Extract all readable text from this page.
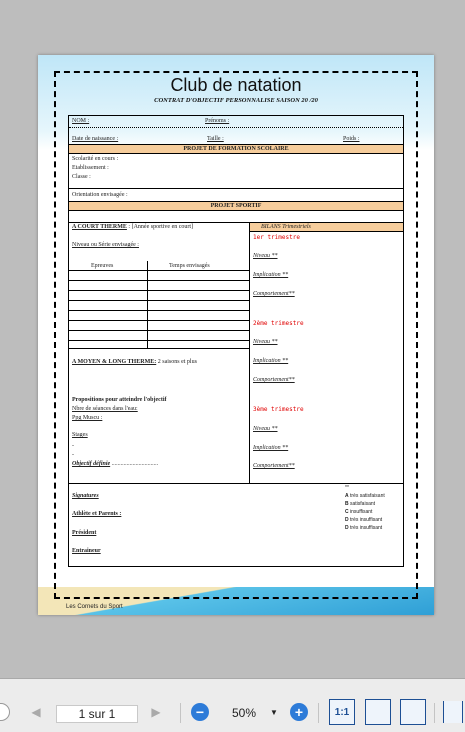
Club de natation
CONTRAT D'OBJECTIF PERSONNALISE SAISON 20 /20
NOM :	Prénoms :
Date de naissance :	Taille :	Poids :
PROJET DE FORMATION SCOLAIRE
Scolarité en cours :
Etablissement :
Classe :
Orientation envisagée :
PROJET SPORTIF
A COURT THERME : [Année sportive en court]
Niveau ou Série envisagée :
Epreuves	Temps envisagés
A MOYEN & LONG THERME: 2 saisons et plus
Propositions pour atteindre l'objectif
Nbre de séances dans l'eau:
Ppg Muscu :
Stages
-
-
Objectif définie ...............................
BILANS Trimestriels
1er trimestre
Niveau **
Implication **
Comportement**
2ème trimestre
Niveau **
Implication **
Comportement**
3ème trimestre
Niveau **
Implication **
Comportement**
Signatures
Athlète et Parents :
Président
Entraineur
**
A très satisfaisant
B satisfaisant
C insuffisant
D très insuffisant
D très insuffisant
Les Cornets du Sport
◀	1 sur 1	▶	−	50% ▼	+	1:1
